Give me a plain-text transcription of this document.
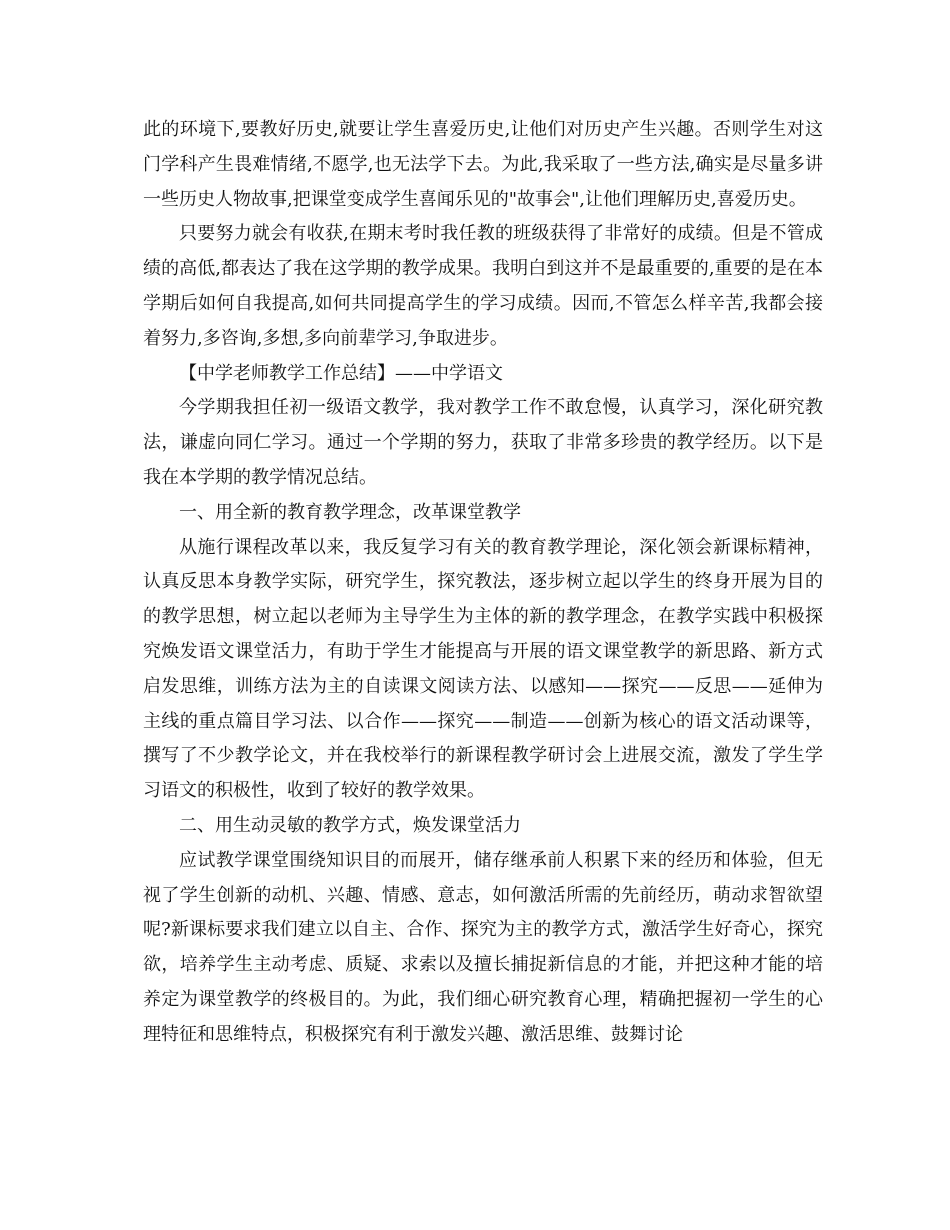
此的环境下,要教好历史,就要让学生喜爱历史,让他们对历史产生兴趣。否则学生对这门学科产生畏难情绪,不愿学,也无法学下去。为此,我采取了一些方法,确实是尽量多讲一些历史人物故事,把课堂变成学生喜闻乐见的"故事会",让他们理解历史,喜爱历史。

只要努力就会有收获,在期末考时我任教的班级获得了非常好的成绩。但是不管成绩的高低,都表达了我在这学期的教学成果。我明白到这并不是最重要的,重要的是在本学期后如何自我提高,如何共同提高学生的学习成绩。因而,不管怎么样辛苦,我都会接着努力,多咨询,多想,多向前辈学习,争取进步。

【中学老师教学工作总结】——中学语文

今学期我担任初一级语文教学，我对教学工作不敢怠慢，认真学习，深化研究教法，谦虚向同仁学习。通过一个学期的努力，获取了非常多珍贵的教学经历。以下是我在本学期的教学情况总结。

一、用全新的教育教学理念，改革课堂教学

从施行课程改革以来，我反复学习有关的教育教学理论，深化领会新课标精神，认真反思本身教学实际，研究学生，探究教法，逐步树立起以学生的终身开展为目的的教学思想，树立起以老师为主导学生为主体的新的教学理念，在教学实践中积极探究焕发语文课堂活力，有助于学生才能提高与开展的语文课堂教学的新思路、新方式启发思维，训练方法为主的自读课文阅读方法、以感知——探究——反思——延伸为主线的重点篇目学习法、以合作——探究——制造——创新为核心的语文活动课等，撰写了不少教学论文，并在我校举行的新课程教学研讨会上进展交流，激发了学生学习语文的积极性，收到了较好的教学效果。

二、用生动灵敏的教学方式，焕发课堂活力

应试教学课堂围绕知识目的而展开，储存继承前人积累下来的经历和体验，但无视了学生创新的动机、兴趣、情感、意志，如何激活所需的先前经历，萌动求智欲望呢?新课标要求我们建立以自主、合作、探究为主的教学方式，激活学生好奇心，探究欲，培养学生主动考虑、质疑、求索以及擅长捕捉新信息的才能，并把这种才能的培养定为课堂教学的终极目的。为此，我们细心研究教育心理，精确把握初一学生的心理特征和思维特点，积极探究有利于激发兴趣、激活思维、鼓舞讨论
